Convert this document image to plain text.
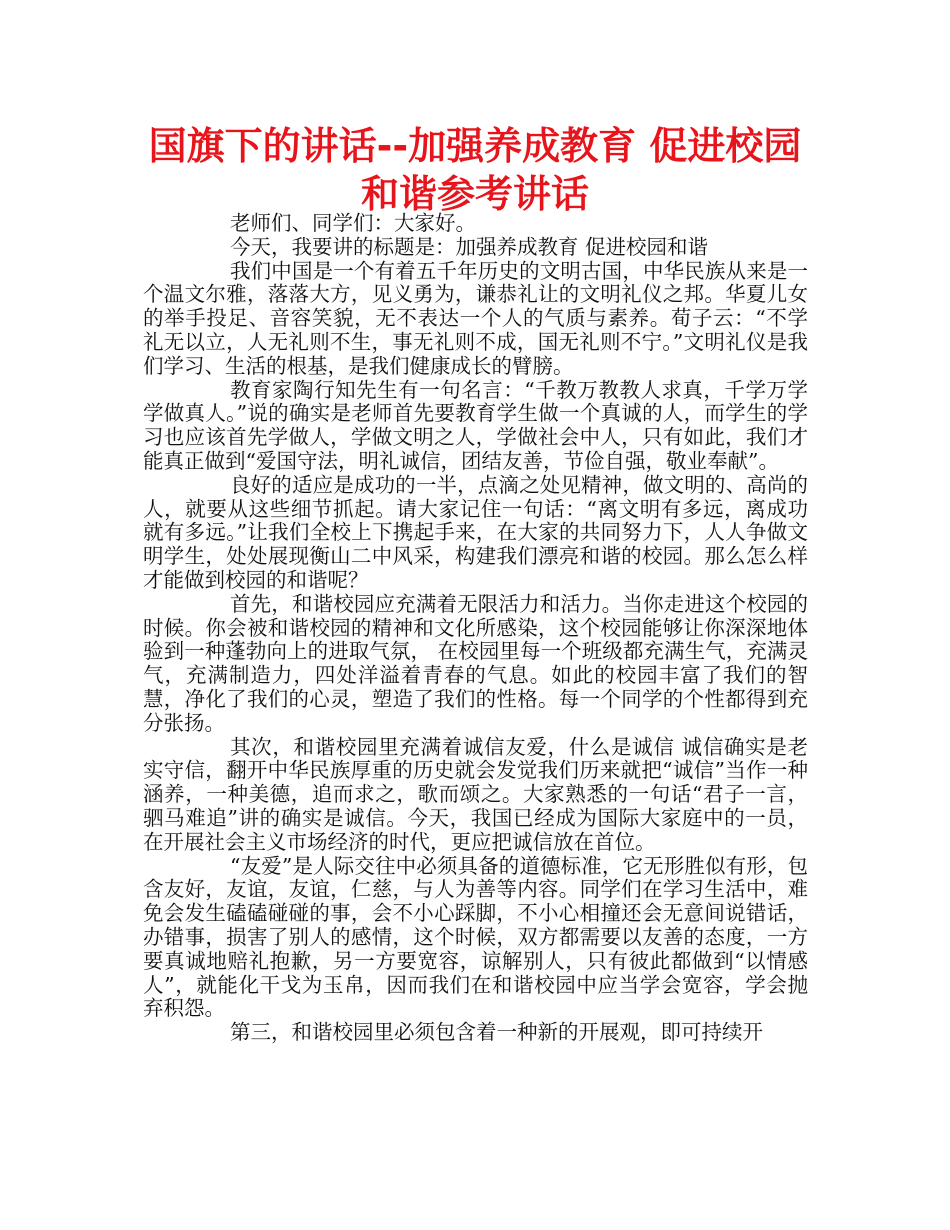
国旗下的讲话--加强养成教育 促进校园和谐参考讲话

老师们、同学们：大家好。

今天，我要讲的标题是：加强养成教育 促进校园和谐

我们中国是一个有着五千年历史的文明古国，中华民族从来是一个温文尔雅，落落大方，见义勇为，谦恭礼让的文明礼仪之邦。华夏儿女的举手投足、音容笑貌，无不表达一个人的气质与素养。荀子云：“不学礼无以立，人无礼则不生，事无礼则不成，国无礼则不宁。”文明礼仪是我们学习、生活的根基，是我们健康成长的臂膀。

教育家陶行知先生有一句名言：“千教万教教人求真，千学万学学做真人。”说的确实是老师首先要教育学生做一个真诚的人，而学生的学习也应该首先学做人，学做文明之人，学做社会中人，只有如此，我们才能真正做到“爱国守法，明礼诚信，团结友善，节俭自强，敬业奉献”。

良好的适应是成功的一半，点滴之处见精神，做文明的、高尚的人，就要从这些细节抓起。请大家记住一句话：“离文明有多远，离成功就有多远。”让我们全校上下携起手来，在大家的共同努力下，人人争做文明学生，处处展现衡山二中风采，构建我们漂亮和谐的校园。那么怎么样才能做到校园的和谐呢？

首先，和谐校园应充满着无限活力和活力。当你走进这个校园的时候。你会被和谐校园的精神和文化所感染，这个校园能够让你深深地体验到一种蓬勃向上的进取气氛， 在校园里每一个班级都充满生气，充满灵气，充满制造力，四处洋溢着青春的气息。如此的校园丰富了我们的智慧，净化了我们的心灵，塑造了我们的性格。每一个同学的个性都得到充分张扬。

其次，和谐校园里充满着诚信友爱，什么是诚信 诚信确实是老实守信，翻开中华民族厚重的历史就会发觉我们历来就把“诚信”当作一种涵养，一种美德，追而求之，歌而颂之。大家熟悉的一句话“君子一言，驷马难追”讲的确实是诚信。今天，我国已经成为国际大家庭中的一员，在开展社会主义市场经济的时代，更应把诚信放在首位。

“友爱”是人际交往中必须具备的道德标准，它无形胜似有形，包含友好，友谊，友谊，仁慈，与人为善等内容。同学们在学习生活中，难免会发生磕磕碰碰的事，会不小心踩脚，不小心相撞还会无意间说错话，办错事，损害了别人的感情，这个时候，双方都需要以友善的态度，一方要真诚地赔礼抱歉，另一方要宽容，谅解别人，只有彼此都做到“以情感人”，就能化干戈为玉帛，因而我们在和谐校园中应当学会宽容，学会抛弃积怨。

第三，和谐校园里必须包含着一种新的开展观，即可持续开
